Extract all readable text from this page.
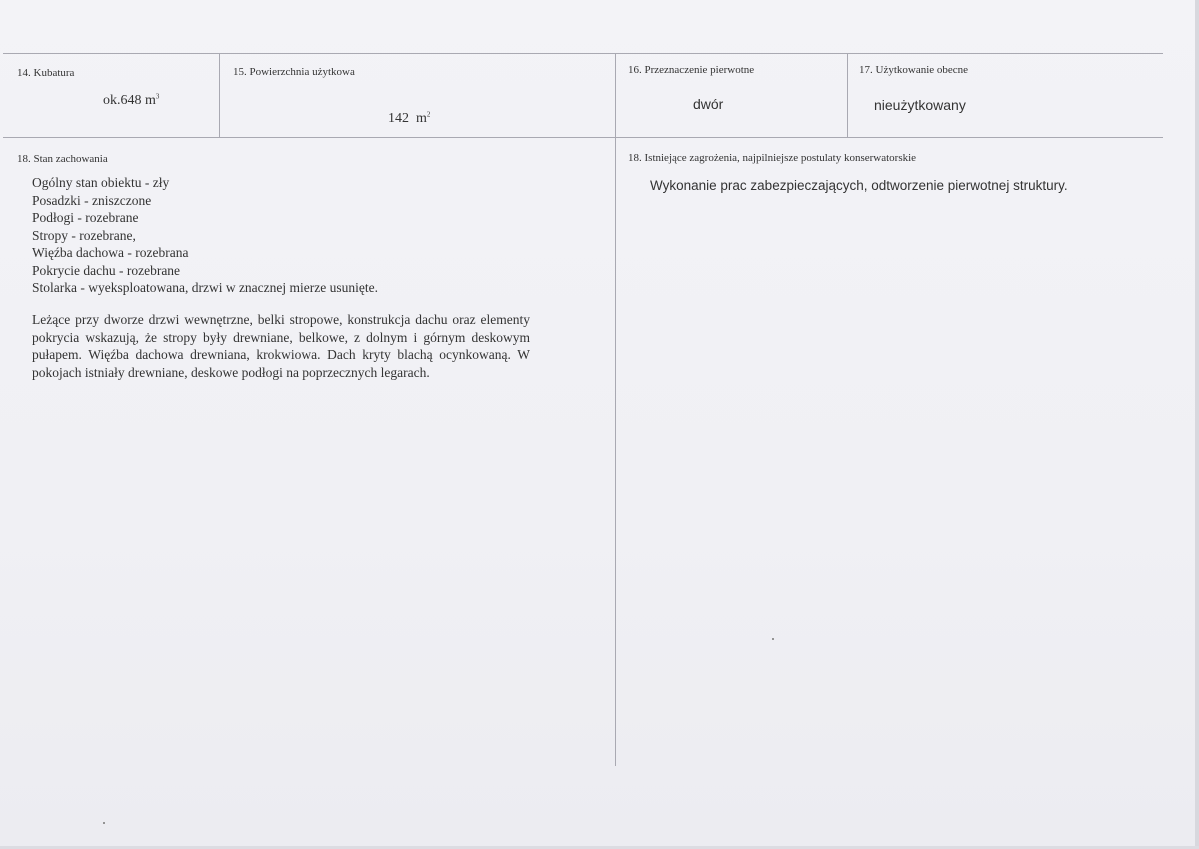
14. Kubatura
ok.648 $m^3$
15. Powierzchnia użytkowa

142  $m^2$

16. Przeznaczenie pierwotne
dwór
17. Użytkowanie obecne
nieużytkowany
18. Stan zachowania
Ogólny stan obiektu - zły
Posadzki - zniszczone
Podłogi - rozebrane
Stropy - rozebrane,
Więźba dachowa - rozebrana
Pokrycie dachu - rozebrane
Stolarka - wyeksploatowana, drzwi w znacznej mierze usunięte.
Leżące przy dworze drzwi wewnętrzne, belki stropowe, konstrukcja dachu oraz elementy pokrycia wskazują, że stropy były drewniane, belkowe, z dolnym i górnym deskowym pułapem. Więźba dachowa drewniana, krokwiowa. Dach kryty blachą ocynkowaną. W pokojach istniały drewniane, deskowe podłogi na poprzecznych legarach.
18. Istniejące zagrożenia, najpilniejsze postulaty konserwatorskie
Wykonanie prac zabezpieczających, odtworzenie pierwotnej struktury.
